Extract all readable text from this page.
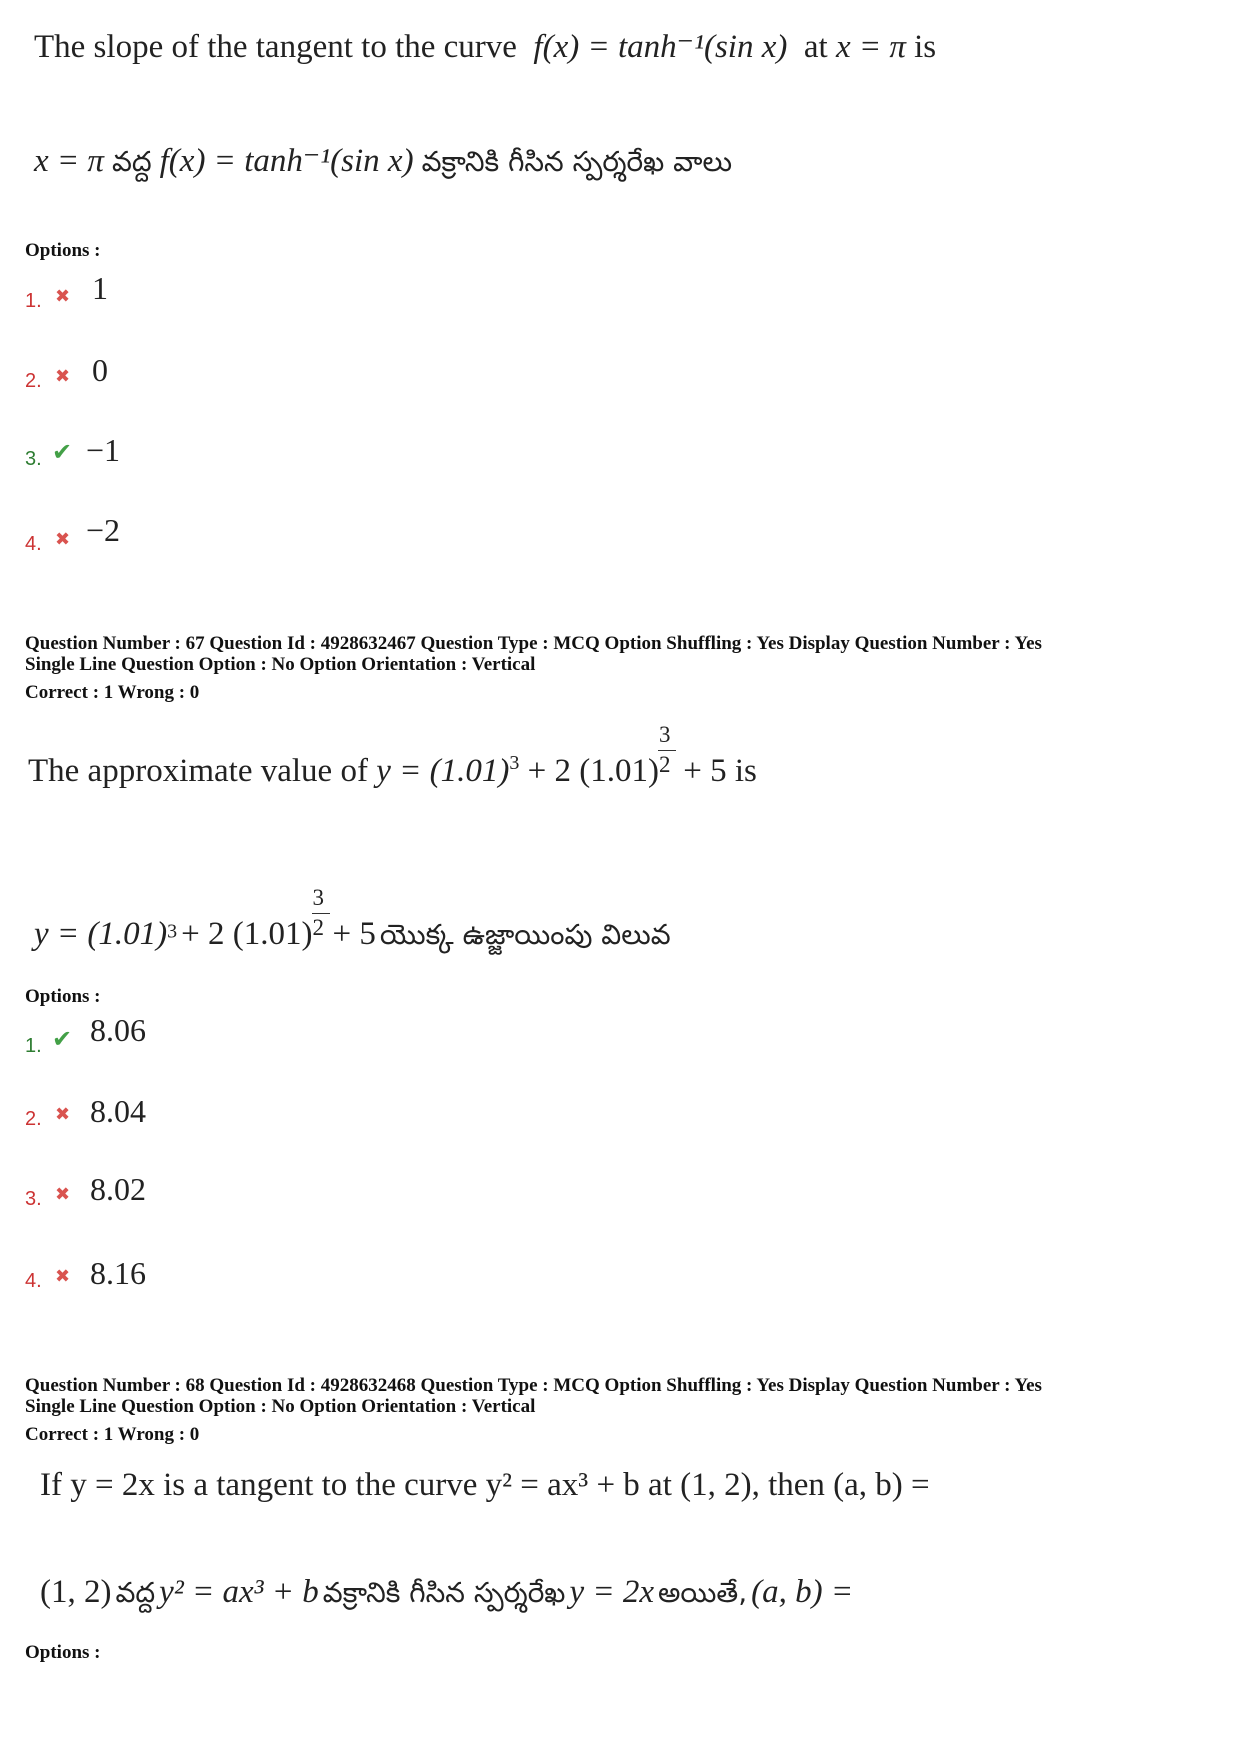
The slope of the tangent to the curve f(x) = tanh⁻¹(sin x) at x = π is
x = π వద్ద f(x) = tanh⁻¹(sin x) వక్రానికి గీసిన స్పర్శరేఖ వాలు
Options :
1. ✖ 1
2. ✖ 0
3. ✔ −1
4. ✖ −2
Question Number : 67 Question Id : 4928632467 Question Type : MCQ Option Shuffling : Yes Display Question Number : Yes
Single Line Question Option : No Option Orientation : Vertical
Correct : 1 Wrong : 0
The approximate value of $y = (1.01)^3 + 2$ $(1.01) \frac{3}{2} + 5$ is
$y = (1.01)^3 + 2$ $(1.01) \frac{3}{2} + 5$ యొక్క ఉజ్జాయింపు విలువ
Options :
1. ✔ 8.06
2. ✖ 8.04
3. ✖ 8.02
4. ✖ 8.16
Question Number : 68 Question Id : 4928632468 Question Type : MCQ Option Shuffling : Yes Display Question Number : Yes
Single Line Question Option : No Option Orientation : Vertical
Correct : 1 Wrong : 0
If y = 2x is a tangent to the curve y² = ax³ + b at (1, 2), then (a, b) =
(1, 2) వద్ద y² = ax³ + b వక్రానికి గీసిన స్పర్శరేఖ y = 2x అయితే, (a, b) =
Options :
